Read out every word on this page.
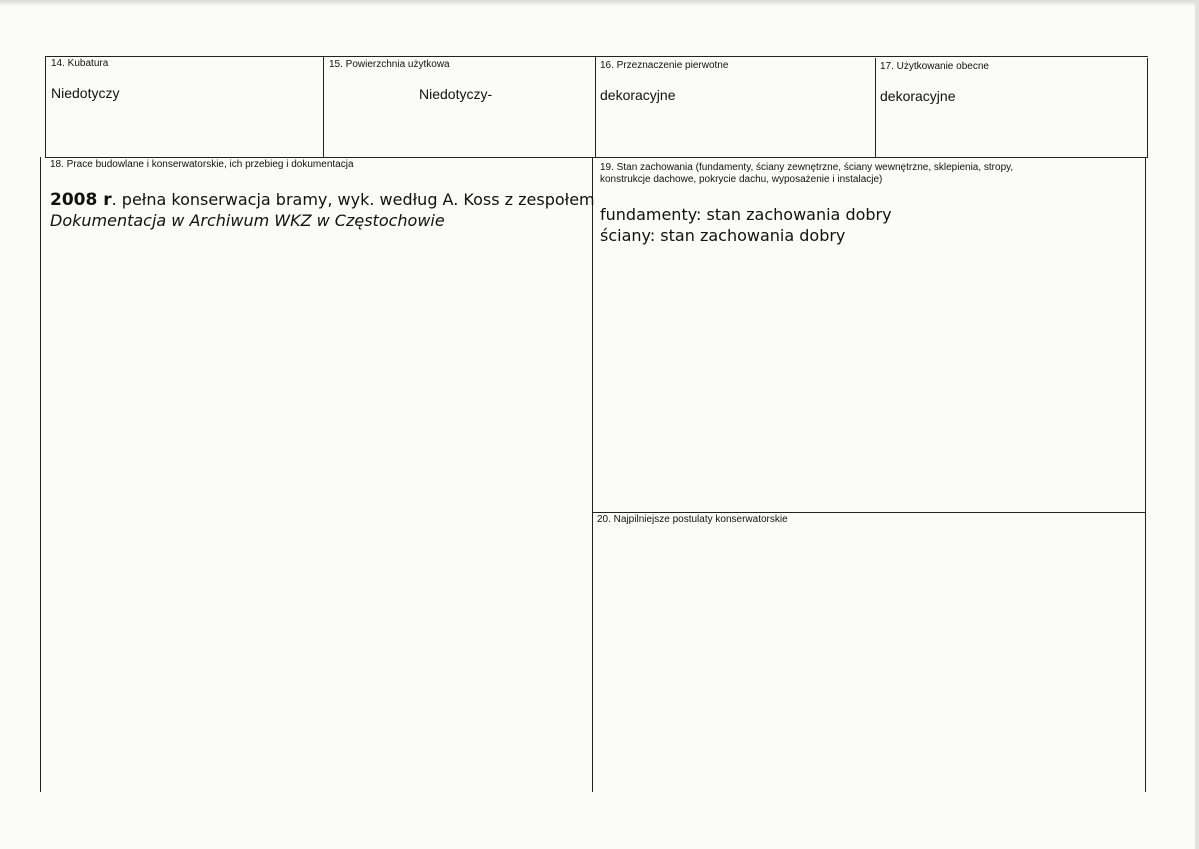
14. Kubatura
Niedotyczy
15. Powierzchnia użytkowa
Niedotyczy-
16. Przeznaczenie pierwotne
dekoracyjne
17. Użytkowanie obecne
dekoracyjne
18. Prace budowlane i konserwatorskie, ich przebieg i dokumentacja
2008 r. pełna konserwacja bramy, wyk. według A. Koss z zespołem
Dokumentacja w Archiwum WKZ w Częstochowie
19. Stan zachowania (fundamenty, ściany zewnętrzne, ściany wewnętrzne, sklepienia, stropy,
konstrukcje dachowe, pokrycie dachu, wyposażenie i instalacje)
fundamenty: stan zachowania dobry
ściany: stan zachowania dobry
20. Najpilniejsze postulaty konserwatorskie
